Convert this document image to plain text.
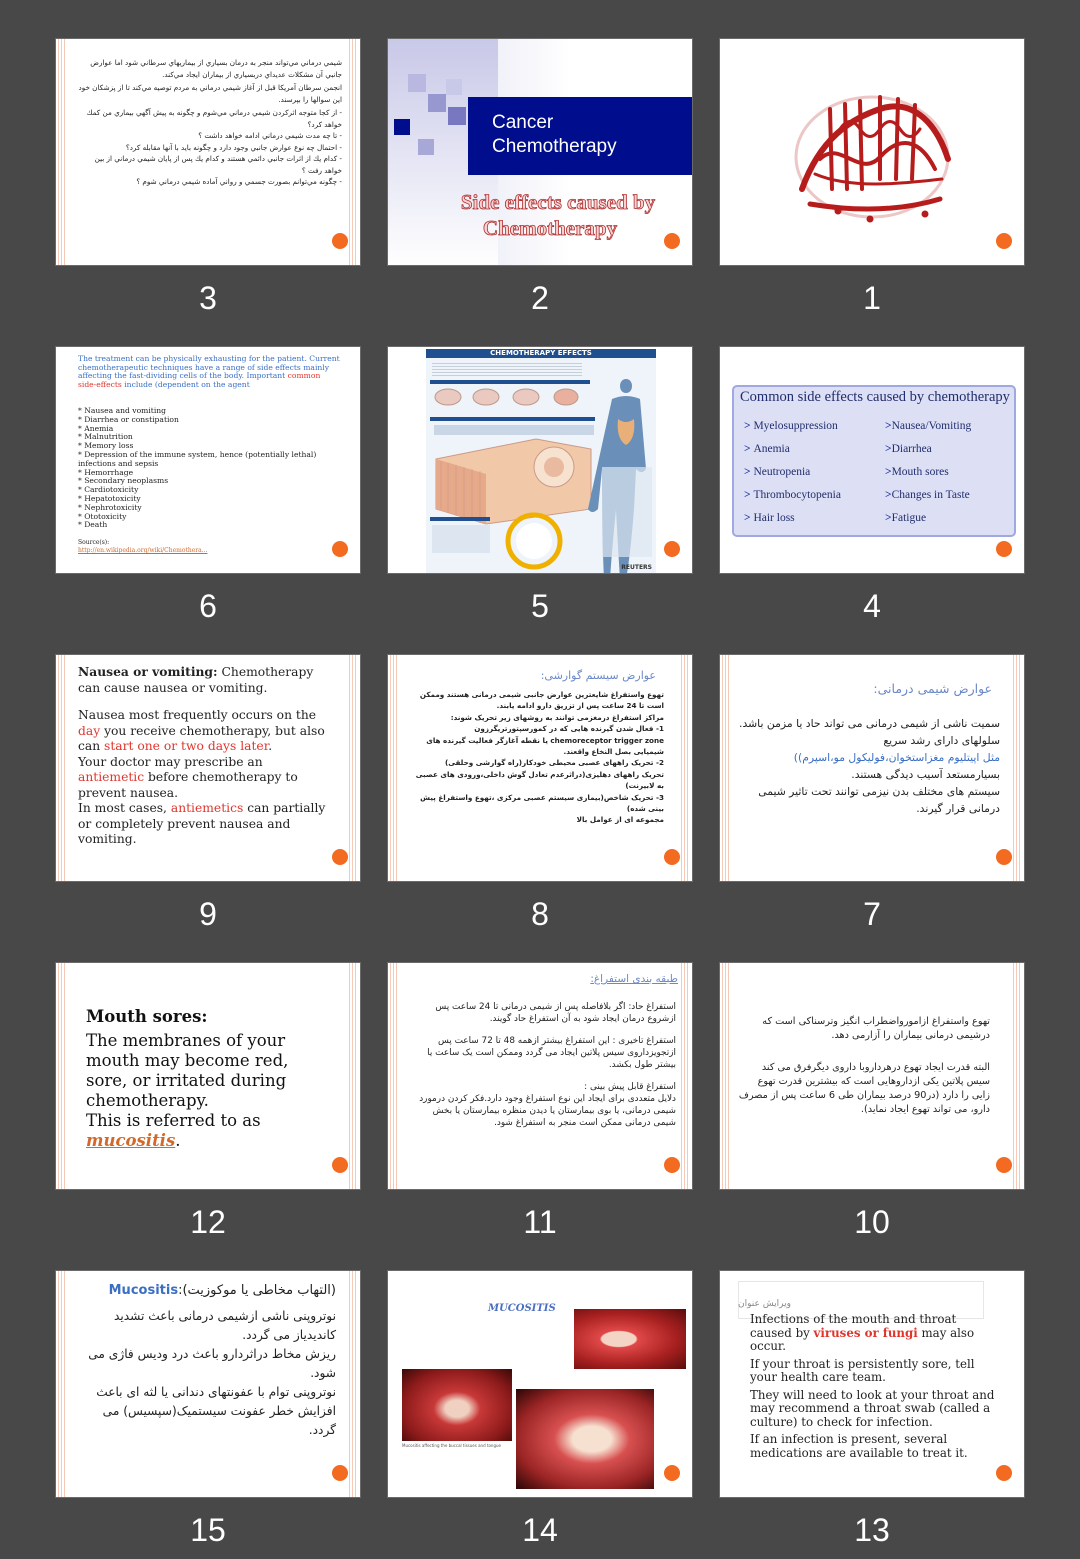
شيمي درماني مي‌تواند منجر به درمان بسياري از بيماريهاي سرطاني شود اما عوارض جانبي آن مشكلات عديداي دربسياري از بيماران ايجاد مي‌كند.

انجمن سرطان آمريكا قبل از آغاز شيمي درماني به مردم توصيه مي‌كند تا از پزشكان خود اين سوالها را بپرسند.

- از كجا متوجه اثركردن شيمي درماني مي‌شوم و چگونه به پيش آگهي بيماري من كمك خواهد كرد؟

- تا چه مدت شيمي درماني ادامه خواهد داشت ؟

- احتمال چه نوع عوارض جانبي وجود دارد و چگونه بايد با آنها مقابله كرد؟

- كدام يك از اثرات جانبي دائمي هستند و كدام يك پس از پايان شيمي درماني از بين خواهد رفت ؟

- چگونه مي‌توانم بصورت جسمي و رواني آماده شيمي درماني شوم ؟

3
Cancer Chemotherapy
Side effects caused by
Chemotherapy
2	1
The treatment can be physically exhausting for the patient. Current chemotherapeutic techniques have a range of side effects mainly affecting the fast-dividing cells of the body. Important common side-effects include (dependent on the agent
* Nausea and vomiting
* Diarrhea or constipation
* Anemia
* Malnutrition
* Memory loss
* Depression of the immune system, hence (potentially lethal) infections and sepsis
* Hemorrhage
* Secondary neoplasms
* Cardiotoxicity
* Hepatotoxicity
* Nephrotoxicity
* Ototoxicity
* Death
Source(s):
http://en.wikipedia.org/wiki/Chemothera...
6
CHEMOTHERAPY EFFECTS
REUTERS
5
Common side effects caused by chemotherapy
> Myelosuppression
> Anemia
> Neutropenia
> Thrombocytopenia
> Hair loss
>Nausea/Vomiting
>Diarrhea
>Mouth sores
>Changes in Taste
>Fatigue
4

Nausea or vomiting: Chemotherapy can cause nausea or vomiting.

Nausea most frequently occurs on the day you receive chemotherapy, but also can start one or two days later.

Your doctor may prescribe an antiemetic before chemotherapy to prevent nausea.

In most cases, antiemetics can partially or completely prevent nausea and vomiting.

9
عوارض سیستم گوارشی:

تهوع واستفراغ شایعترین عوارض جانبی شیمی درمانی هستند وممکن است تا 24 ساعت پس از تزریق دارو ادامه یابند.

مراکز استفراغ درمغزمی توانند به روشهای زیر تحریک شوند:

1- فعال شدن گیرنده هایی که در کمورسپتورتریگرزون

chemoreceptor trigger zone یا نقطه آغازگر فعالیت گیرنده های شیمیایی بصل النخاع واقعند.

2- تحریک راههای عصبی محیطی خودکار(راه گوارشی وحلقی)

تحریک راههای دهلیزی(دراثرعدم تعادل گوش داخلی،ورودی های عصبی به لابیرنت)

3- تحریک شاخص(بیماری سیستم عصبی مرکزی ،تهوع واستفراغ پیش بینی شده)

مجموعه ای از عوامل بالا

8
عوارض شیمی درمانی:

سمیت ناشی از شیمی درمانی می تواند حاد یا مزمن باشد.

سلولهای دارای رشد سریع

مثل اپیتلیوم مغزاستخوان،فولیکول مو،اسپرم))

بسیارمستعد آسیب دیدگی هستند.

سیستم های مختلف بدن نیزمی توانند تحت تاثیر شیمی درمانی قرار گیرند.

7
Mouth sores:

The membranes of your mouth may become red, sore, or irritated during chemotherapy.

This is referred to as mucositis.

12
طبقه بندی استفراغ:

استفراغ حاد: اگر بلافاصله پس از شیمی درمانی تا 24 ساعت پس ازشروع درمان ایجاد شود به آن استفراغ حاد گویند.

استفراغ تاخیری : این استفراغ بیشتر ازهمه 48 تا 72 ساعت پس ازتجویزداروی سیس پلاتین ایجاد می گردد وممکن است یک ساعت یا بیشتر طول بکشد.

استفراغ قابل پیش بینی :

دلایل متعددی برای ایجاد این نوع استفراغ وجود دارد.فکر کردن درمورد شیمی درمانی، یا بوی بیمارستان یا دیدن منظره بیمارستان یا بخش شیمی درمانی ممکن است منجر به استفراغ شود.

11

تهوع واستفراغ ازامورواضطراب انگیز وترسناکی است که درشیمی درمانی بیماران را آزارمی دهد.

البته قدرت ایجاد تهوع درهرداروبا داروی دیگرفرق می کند سیس پلاتین یکی ازداروهایی است که بیشترین قدرت تهوع زایی را دارد (در90 درصد بیماران طی 6 ساعت پس از مصرف دارو، می تواند تهوع ایجاد نماید).

10
(التهاب مخاطی یا موکوزیت):Mucositis

نوتروپنی ناشی ازشیمی درمانی باعث تشدید کاندیدیاز می گردد.

ریزش مخاط دراثردارو باعث درد ودیس فاژی می شود.

نوتروپنی توام با عفونتهای دندانی یا لثه ای باعث افزایش خطر عفونت سیستمیک(سپسیس) می گردد.

15
MUCOSITIS
Mucositis affecting the buccal tissues and tongue
14
ويرايش عنوان

Infections of the mouth and throat caused by viruses or fungi may also occur.

If your throat is persistently sore, tell your health care team.

They will need to look at your throat and may recommend a throat swab (called a culture) to check for infection.

If an infection is present, several medications are available to treat it.

13
